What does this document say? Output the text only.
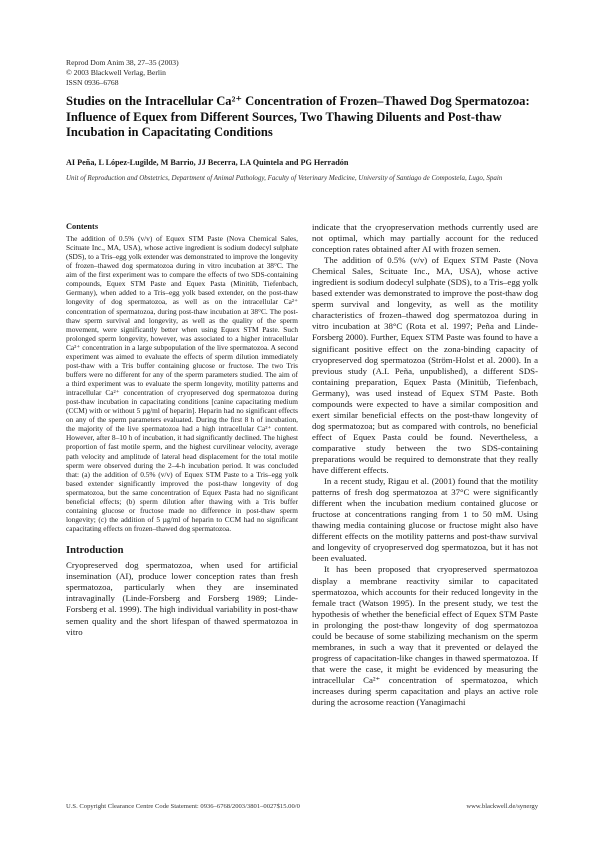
Reprod Dom Anim 38, 27–35 (2003)
© 2003 Blackwell Verlag, Berlin
ISSN 0936–6768
Studies on the Intracellular Ca²⁺ Concentration of Frozen–Thawed Dog Spermatozoa: Influence of Equex from Different Sources, Two Thawing Diluents and Post-thaw Incubation in Capacitating Conditions
AI Peña, L López-Lugilde, M Barrio, JJ Becerra, LA Quintela and PG Herradón
Unit of Reproduction and Obstetrics, Department of Animal Pathology, Faculty of Veterinary Medicine, University of Santiago de Compostela, Lugo, Spain
Contents

The addition of 0.5% (v/v) of Equex STM Paste (Nova Chemical Sales, Scituate Inc., MA, USA), whose active ingredient is sodium dodecyl sulphate (SDS), to a Tris–egg yolk extender was demonstrated to improve the longevity of frozen–thawed dog spermatozoa during in vitro incubation at 38°C. The aim of the first experiment was to compare the effects of two SDS-containing compounds, Equex STM Paste and Equex Pasta (Minitüb, Tiefenbach, Germany), when added to a Tris–egg yolk based extender, on the post-thaw longevity of dog spermatozoa, as well as on the intracellular Ca²⁺ concentration of spermatozoa, during post-thaw incubation at 38°C. The post-thaw sperm survival and longevity, as well as the quality of the sperm movement, were significantly better when using Equex STM Paste. Such prolonged sperm longevity, however, was associated to a higher intracellular Ca²⁺ concentration in a large subpopulation of the live spermatozoa. A second experiment was aimed to evaluate the effects of sperm dilution immediately post-thaw with a Tris buffer containing glucose or fructose. The two Tris buffers were no different for any of the sperm parameters studied. The aim of a third experiment was to evaluate the sperm longevity, motility patterns and intracellular Ca²⁺ concentration of cryopreserved dog spermatozoa during post-thaw incubation in capacitating conditions [canine capacitating medium (CCM) with or without 5 µg/ml of heparin]. Heparin had no significant effects on any of the sperm parameters evaluated. During the first 8 h of incubation, the majority of the live spermatozoa had a high intracellular Ca²⁺ content. However, after 8–10 h of incubation, it had significantly declined. The highest proportion of fast motile sperm, and the highest curvilinear velocity, average path velocity and amplitude of lateral head displacement for the total motile sperm were observed during the 2–4-h incubation period. It was concluded that: (a) the addition of 0.5% (v/v) of Equex STM Paste to a Tris–egg yolk based extender significantly improved the post-thaw longevity of dog spermatozoa, but the same concentration of Equex Pasta had no significant beneficial effects; (b) sperm dilution after thawing with a Tris buffer containing glucose or fructose made no difference in post-thaw sperm longevity; (c) the addition of 5 µg/ml of heparin to CCM had no significant capacitating effects on frozen–thawed dog spermatozoa.

Introduction

Cryopreserved dog spermatozoa, when used for artificial insemination (AI), produce lower conception rates than fresh spermatozoa, particularly when they are inseminated intravaginally (Linde-Forsberg and Forsberg 1989; Linde-Forsberg et al. 1999). The high individual variability in post-thaw semen quality and the short lifespan of thawed spermatozoa in vitro

indicate that the cryopreservation methods currently used are not optimal, which may partially account for the reduced conception rates obtained after AI with frozen semen.

The addition of 0.5% (v/v) of Equex STM Paste (Nova Chemical Sales, Scituate Inc., MA, USA), whose active ingredient is sodium dodecyl sulphate (SDS), to a Tris–egg yolk based extender was demonstrated to improve the post-thaw dog sperm survival and longevity, as well as the motility characteristics of frozen–thawed dog spermatozoa during in vitro incubation at 38°C (Rota et al. 1997; Peña and Linde-Forsberg 2000). Further, Equex STM Paste was found to have a significant positive effect on the zona-binding capacity of cryopreserved dog spermatozoa (Ström-Holst et al. 2000). In a previous study (A.I. Peña, unpublished), a different SDS-containing preparation, Equex Pasta (Minitüb, Tiefenbach, Germany), was used instead of Equex STM Paste. Both compounds were expected to have a similar composition and exert similar beneficial effects on the post-thaw longevity of dog spermatozoa; but as compared with controls, no beneficial effect of Equex Pasta could be found. Nevertheless, a comparative study between the two SDS-containing preparations would be required to demonstrate that they really have different effects.

In a recent study, Rigau et al. (2001) found that the motility patterns of fresh dog spermatozoa at 37°C were significantly different when the incubation medium contained glucose or fructose at concentrations ranging from 1 to 50 mM. Using thawing media containing glucose or fructose might also have different effects on the motility patterns and post-thaw survival and longevity of cryopreserved dog spermatozoa, but it has not been evaluated.

It has been proposed that cryopreserved spermatozoa display a membrane reactivity similar to capacitated spermatozoa, which accounts for their reduced longevity in the female tract (Watson 1995). In the present study, we test the hypothesis of whether the beneficial effect of Equex STM Paste in prolonging the post-thaw longevity of dog spermatozoa could be because of some stabilizing mechanism on the sperm membranes, in such a way that it prevented or delayed the progress of capacitation-like changes in thawed spermatozoa. If that were the case, it might be evidenced by measuring the intracellular Ca²⁺ concentration of spermatozoa, which increases during sperm capacitation and plays an active role during the acrosome reaction (Yanagimachi

U.S. Copyright Clearance Centre Code Statement: 0936–6768/2003/3801–0027$15.00/0	www.blackwell.de/synergy
